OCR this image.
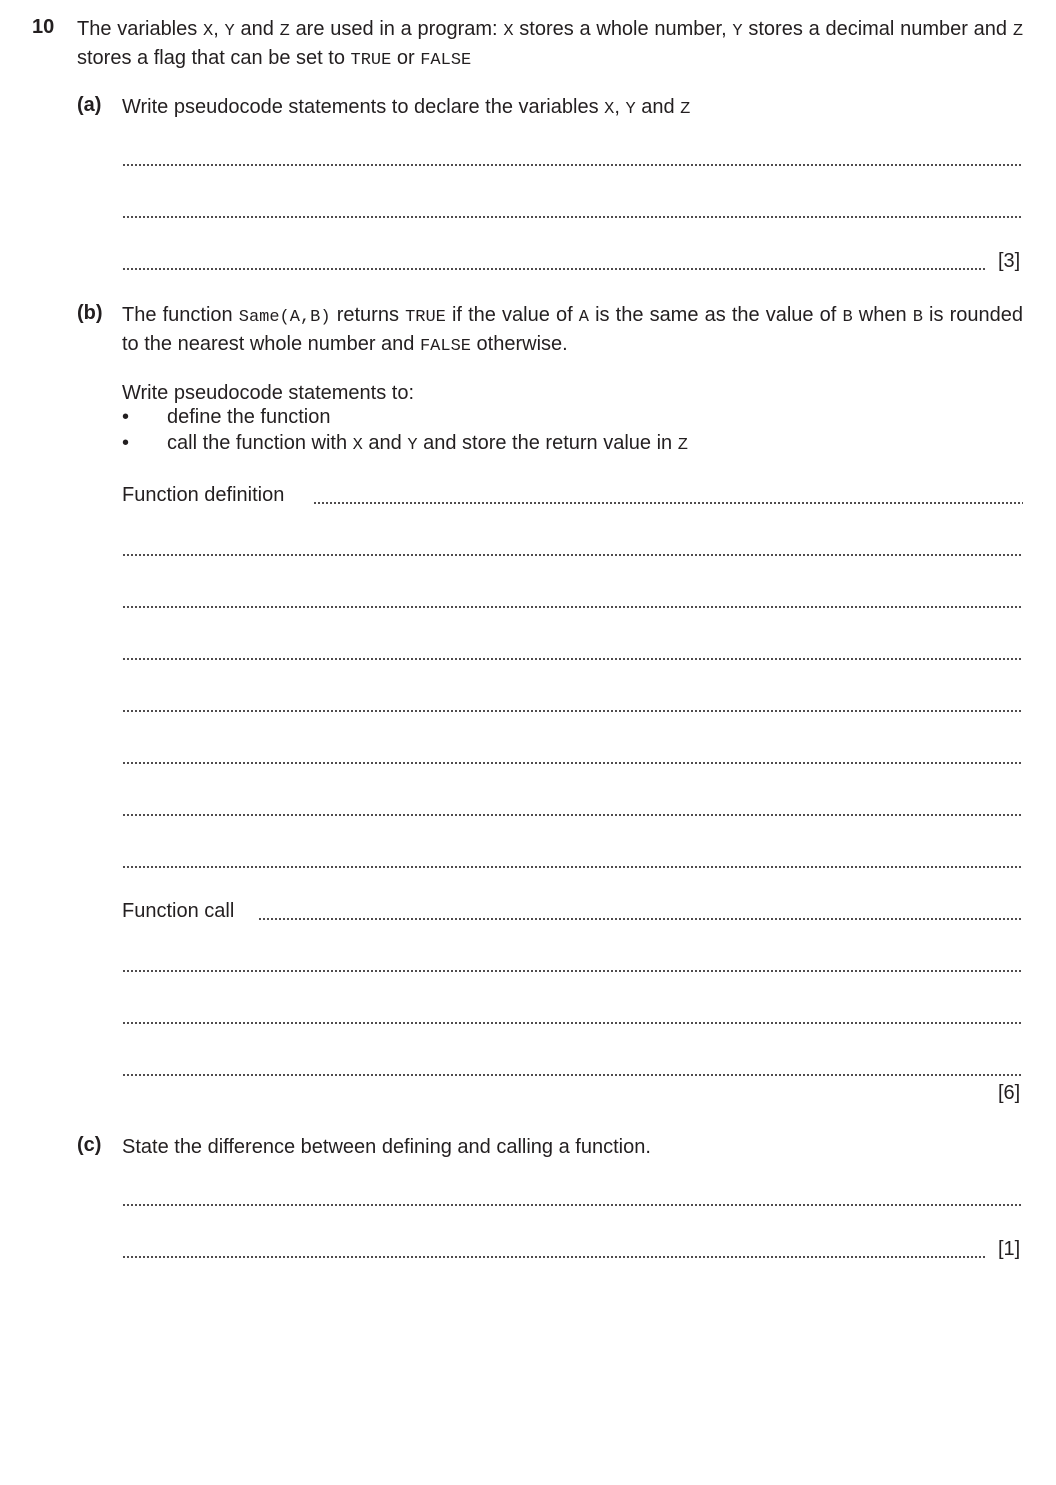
10 The variables X, Y and Z are used in a program: X stores a whole number, Y stores a decimal number and Z stores a flag that can be set to TRUE or FALSE
(a) Write pseudocode statements to declare the variables X, Y and Z
[3]
(b) The function Same(A,B) returns TRUE if the value of A is the same as the value of B when B is rounded to the nearest whole number and FALSE otherwise.
Write pseudocode statements to:
• define the function
• call the function with X and Y and store the return value in Z
Function definition
Function call
[6]
(c) State the difference between defining and calling a function.
[1]
